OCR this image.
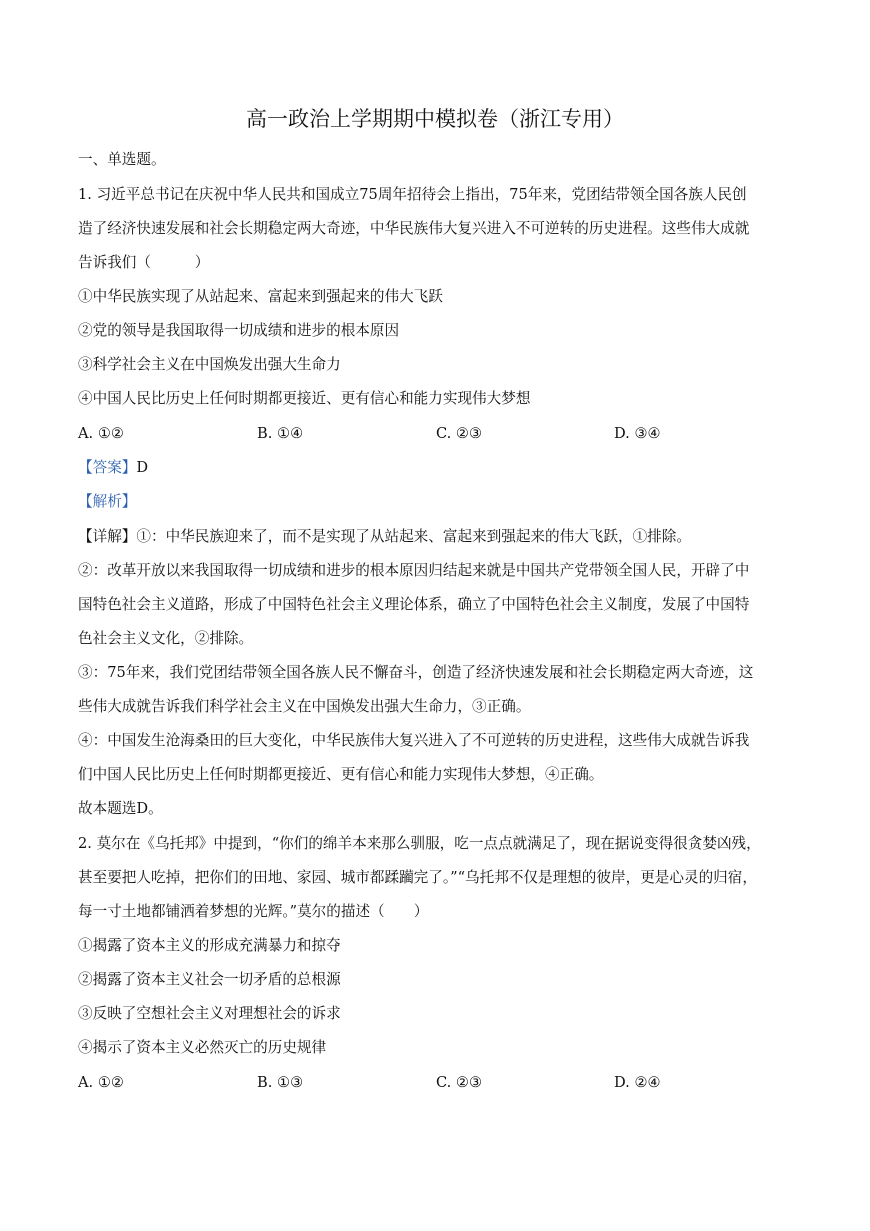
高一政治上学期期中模拟卷（浙江专用）
一、单选题。
1. 习近平总书记在庆祝中华人民共和国成立75周年招待会上指出，75年来，党团结带领全国各族人民创
造了经济快速发展和社会长期稳定两大奇迹，中华民族伟大复兴进入不可逆转的历史进程。这些伟大成就
告诉我们（　　　）
①中华民族实现了从站起来、富起来到强起来的伟大飞跃
②党的领导是我国取得一切成绩和进步的根本原因
③科学社会主义在中国焕发出强大生命力
④中国人民比历史上任何时期都更接近、更有信心和能力实现伟大梦想
A. ①②	B. ①④	C. ②③	D. ③④
【答案】D
【解析】
【详解】①：中华民族迎来了，而不是实现了从站起来、富起来到强起来的伟大飞跃，①排除。
②：改革开放以来我国取得一切成绩和进步的根本原因归结起来就是中国共产党带领全国人民，开辟了中
国特色社会主义道路，形成了中国特色社会主义理论体系，确立了中国特色社会主义制度，发展了中国特
色社会主义文化，②排除。
③：75年来，我们党团结带领全国各族人民不懈奋斗，创造了经济快速发展和社会长期稳定两大奇迹，这
些伟大成就告诉我们科学社会主义在中国焕发出强大生命力，③正确。
④：中国发生沧海桑田的巨大变化，中华民族伟大复兴进入了不可逆转的历史进程，这些伟大成就告诉我
们中国人民比历史上任何时期都更接近、更有信心和能力实现伟大梦想，④正确。
故本题选D。
2. 莫尔在《乌托邦》中提到，“你们的绵羊本来那么驯服，吃一点点就满足了，现在据说变得很贪婪凶残，
甚至要把人吃掉，把你们的田地、家园、城市都蹂躏完了。”“乌托邦不仅是理想的彼岸，更是心灵的归宿，
每一寸土地都铺洒着梦想的光辉。”莫尔的描述（　　）
①揭露了资本主义的形成充满暴力和掠夺
②揭露了资本主义社会一切矛盾的总根源
③反映了空想社会主义对理想社会的诉求
④揭示了资本主义必然灭亡的历史规律
A. ①②	B. ①③	C. ②③	D. ②④
